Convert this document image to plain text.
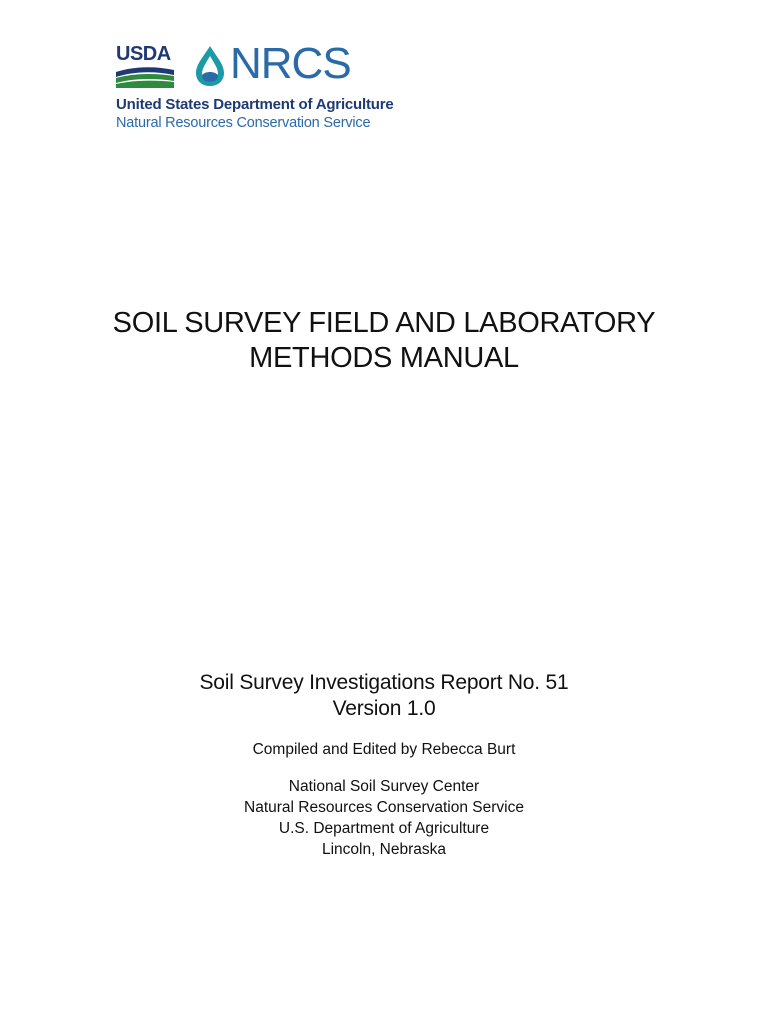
USDA NRCS
United States Department of Agriculture
Natural Resources Conservation Service
SOIL SURVEY FIELD AND LABORATORY
METHODS MANUAL
Soil Survey Investigations Report No. 51
Version 1.0
Compiled and Edited by Rebecca Burt
National Soil Survey Center
Natural Resources Conservation Service
U.S. Department of Agriculture
Lincoln, Nebraska
